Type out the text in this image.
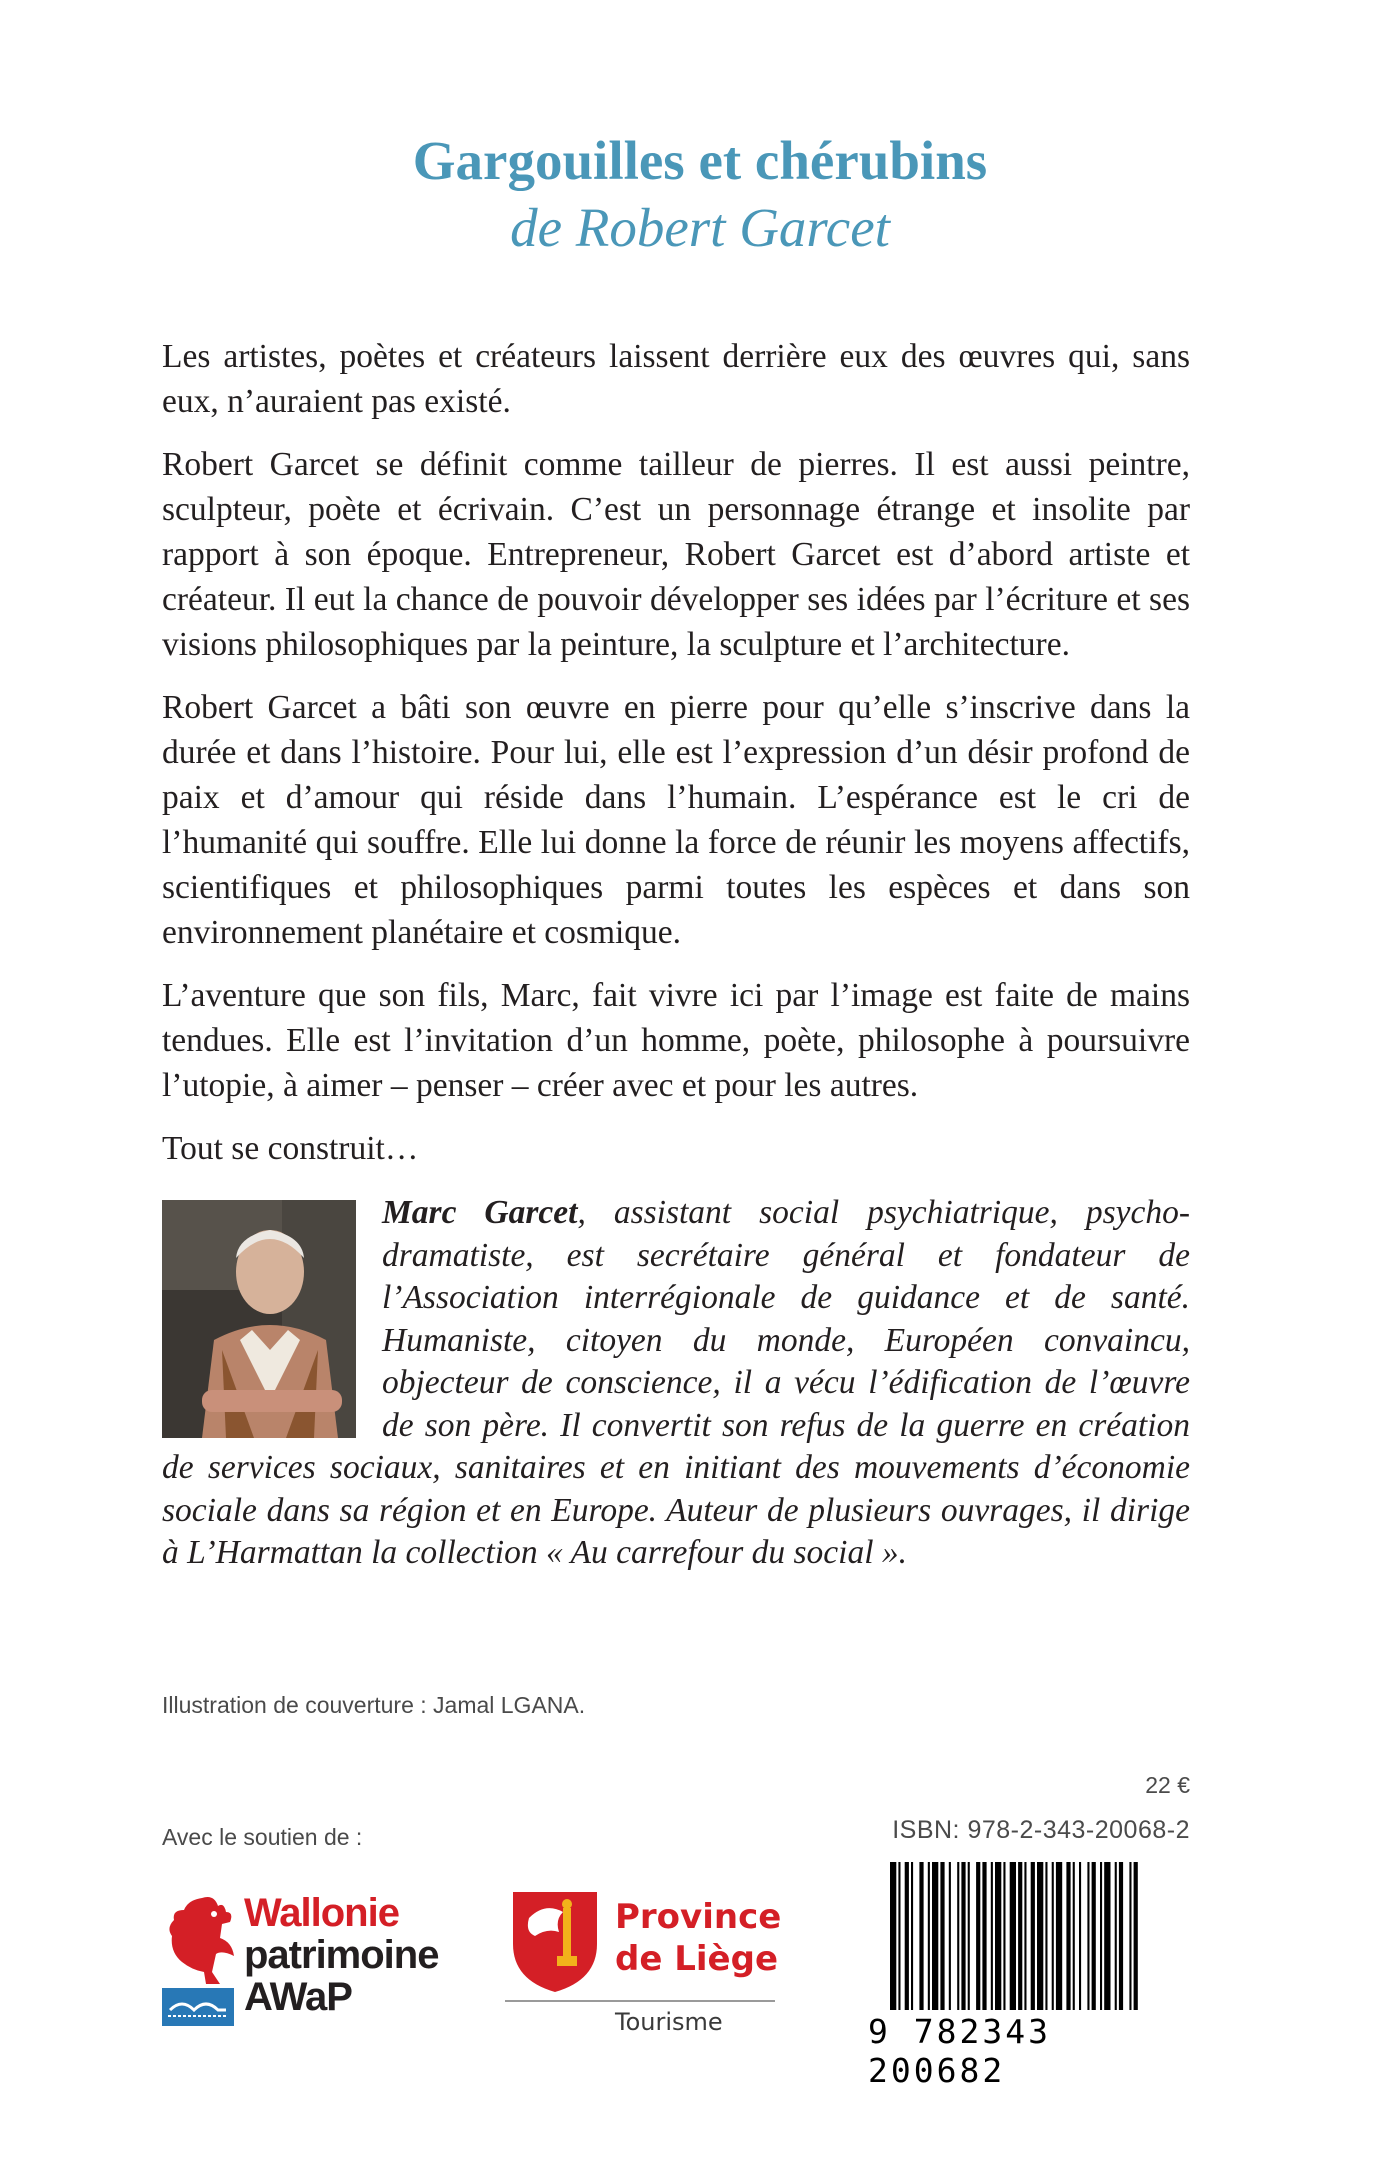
Gargouilles et chérubins
de Robert Garcet

Les artistes, poètes et créateurs laissent derrière eux des œuvres qui, sans eux, n’auraient pas existé.

Robert Garcet se définit comme tailleur de pierres. Il est aussi peintre, sculpteur, poète et écrivain. C’est un personnage étrange et insolite par rapport à son époque. Entrepreneur, Robert Garcet est d’abord artiste et créateur. Il eut la chance de pouvoir développer ses idées par l’écriture et ses visions philosophiques par la peinture, la sculpture et l’architecture.

Robert Garcet a bâti son œuvre en pierre pour qu’elle s’inscrive dans la durée et dans l’histoire. Pour lui, elle est l’expression d’un désir profond de paix et d’amour qui réside dans l’humain. L’espérance est le cri de l’humanité qui souffre. Elle lui donne la force de réunir les moyens affectifs, scientifiques et philosophiques parmi toutes les espèces et dans son environnement planétaire et cosmique.

L’aventure que son fils, Marc, fait vivre ici par l’image est faite de mains tendues. Elle est l’invitation d’un homme, poète, philosophe à poursuivre l’utopie, à aimer – penser – créer avec et pour les autres.

Tout se construit…

Marc Garcet, assistant social psychiatrique, psycho-dramatiste, est secrétaire général et fondateur de l’Association interrégionale de guidance et de santé. Humaniste, citoyen du monde, Européen convaincu, objecteur de conscience, il a vécu l’édification de l’œuvre de son père. Il convertit son refus de la guerre en création de services sociaux, sanitaires et en initiant des mouvements d’économie sociale dans sa région et en Europe. Auteur de plusieurs ouvrages, il dirige à L’Harmattan la collection « Au carrefour du social ».
Illustration de couverture : Jamal LGANA.
22 €
ISBN: 978-2-343-20068-2
Avec le soutien de :
Wallonie
patrimoine
AWaP
Province
de Liège
Tourisme	9 782343 200682
